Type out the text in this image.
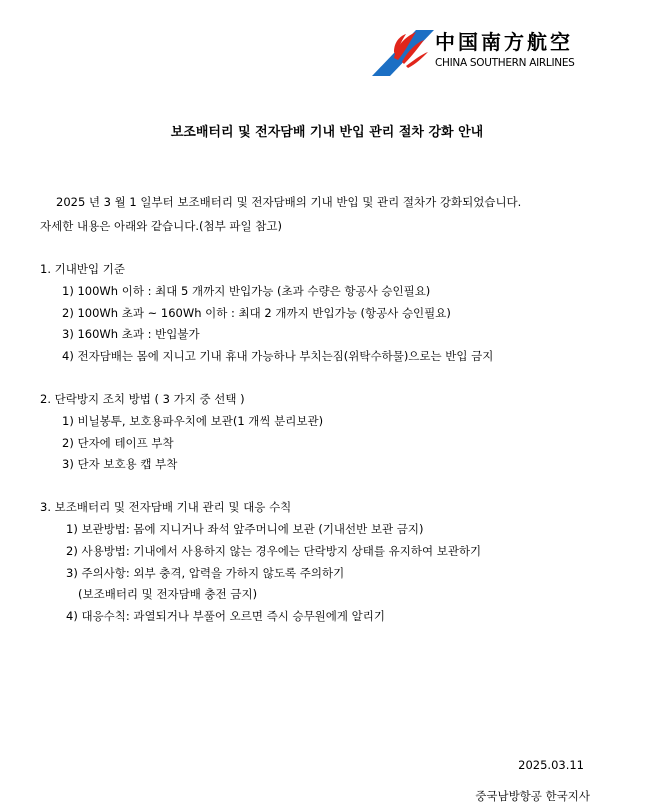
中国南方航空
CHINA SOUTHERN AIRLINES
보조배터리 및 전자담배 기내 반입 관리 절차 강화 안내
2025 년 3 월 1 일부터 보조배터리 및 전자담배의 기내 반입 및 관리 절차가 강화되었습니다.
자세한 내용은 아래와 같습니다.(첨부 파일 참고)
1. 기내반입 기준
1) 100Wh 이하 : 최대 5 개까지 반입가능 (초과 수량은 항공사 승인필요)
2) 100Wh 초과 ~ 160Wh 이하 : 최대 2 개까지 반입가능 (항공사 승인필요)
3) 160Wh 초과 : 반입불가
4) 전자담배는 몸에 지니고 기내 휴내 가능하나 부치는짐(위탁수하물)으로는 반입 금지
2. 단락방지 조치 방법 ( 3 가지 중 선택 )
1) 비닐봉투, 보호용파우치에 보관(1 개씩 분리보관)
2) 단자에 테이프 부착
3) 단자 보호용 캡 부착
3. 보조배터리 및 전자담배 기내 관리 및 대응 수칙
1) 보관방법: 몸에 지니거나 좌석 앞주머니에 보관 (기내선반 보관 금지)
2) 사용방법: 기내에서 사용하지 않는 경우에는 단락방지 상태를 유지하여 보관하기
3) 주의사항: 외부 충격, 압력을 가하지 않도록 주의하기
(보조배터리 및 전자담배 충전 금지)
4) 대응수칙: 과열되거나 부풀어 오르면 즉시 승무원에게 알리기
2025.03.11
중국남방항공 한국지사
